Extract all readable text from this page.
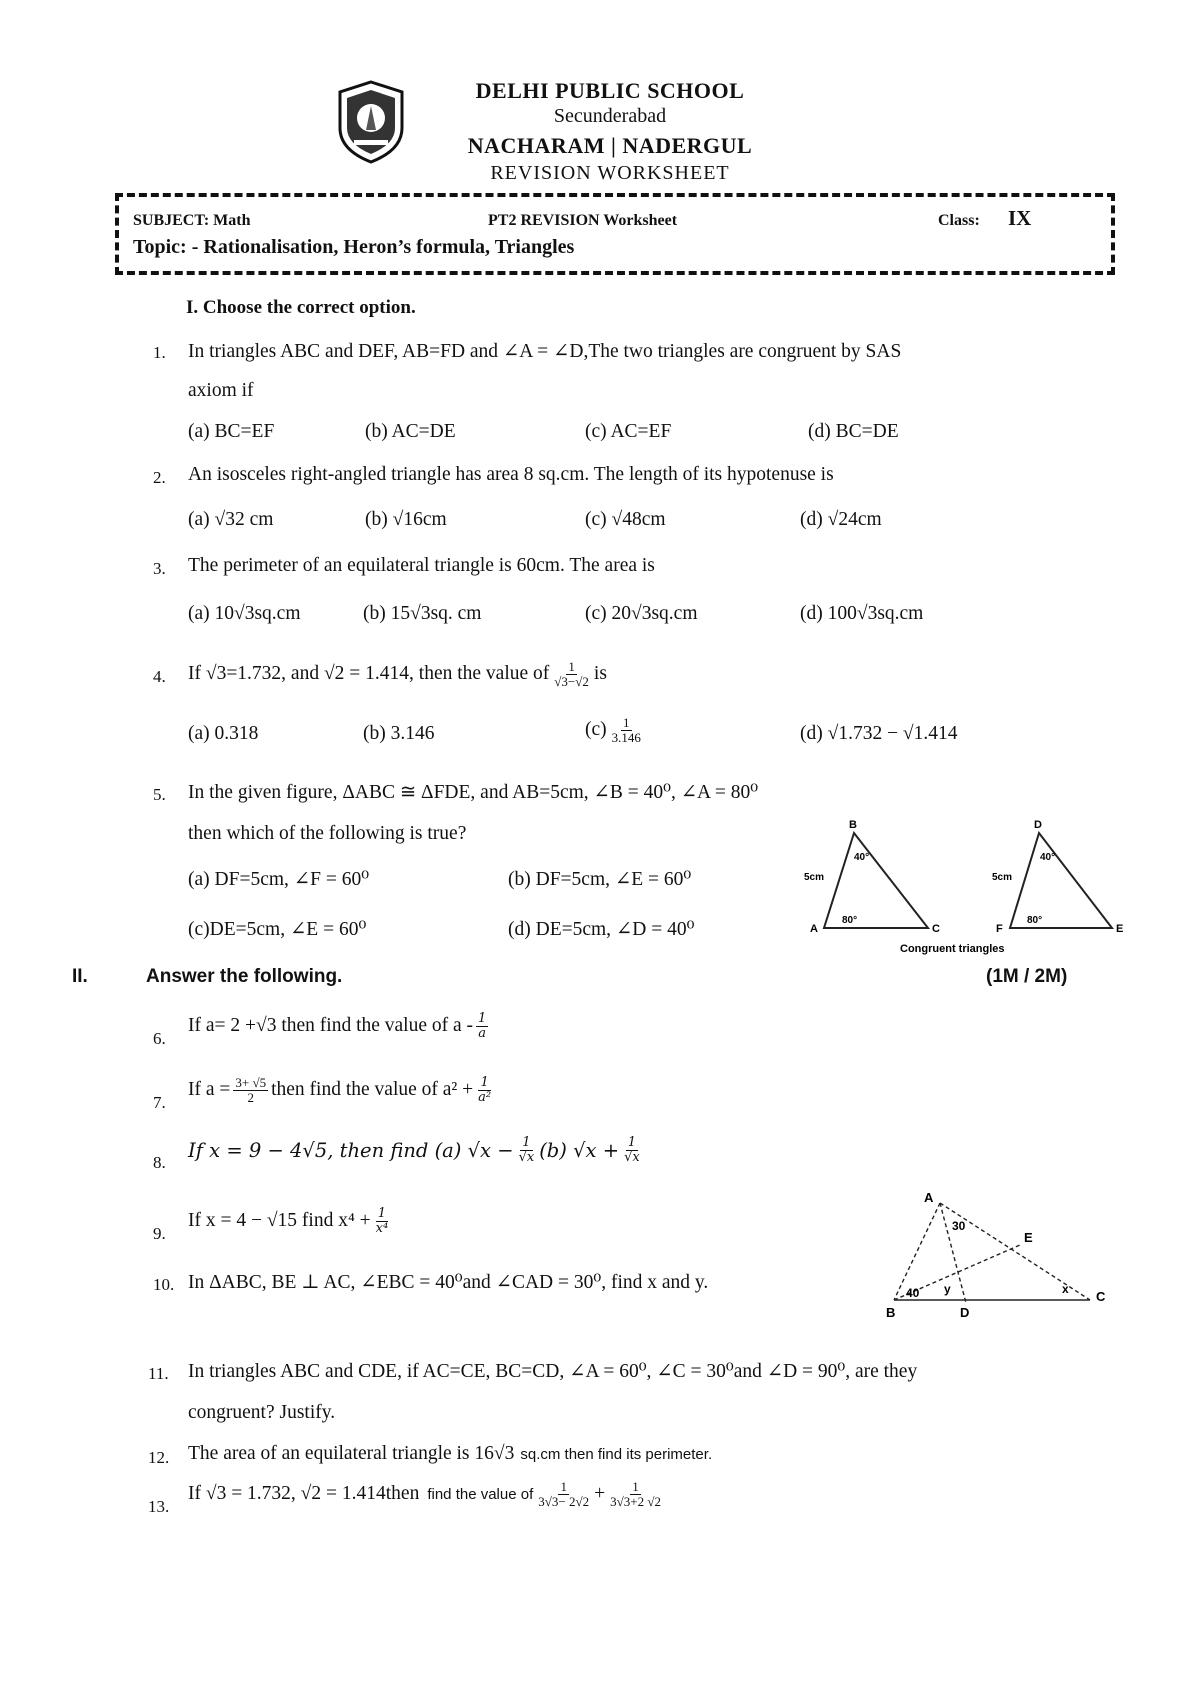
DELHI PUBLIC SCHOOL
Secunderabad
NACHARAM | NADERGUL
REVISION WORKSHEET
SUBJECT: Math	PT2 REVISION Worksheet	Class: IX
Topic: - Rationalisation, Heron’s formula, Triangles
I. Choose the correct option.
1. In triangles ABC and DEF, AB=FD and ∠A = ∠D,The two triangles are congruent by SAS
axiom if
(a) BC=EF	(b) AC=DE	(c) AC=EF	(d) BC=DE
2. An isosceles right-angled triangle has area 8 sq.cm. The length of its hypotenuse is
(a) √32 cm	(b) √16cm	(c) √48cm	(d) √24cm
3. The perimeter of an equilateral triangle is 60cm. The area is
(a) 10√3sq.cm	(b) 15√3sq. cm	(c) 20√3sq.cm	(d) 100√3sq.cm
4. If √3=1.732, and √2 = 1.414, then the value of $\frac{1}{√3-√2}$ is
(a) 0.318	(b) 3.146	$(c) \frac{1}{3.146}$	(d) √1.732 − √1.414
5. In the given figure, ΔABC ≅ ΔFDE, and AB=5cm, ∠B = 40⁰, ∠A = 80⁰
then which of the following is true?
(a) DF=5cm, ∠F = 60⁰	(b) DF=5cm, ∠E = 60⁰
(c)DE=5cm, ∠E = 60⁰	(d) DE=5cm, ∠D = 40⁰
B
A	C
5cm
40°
80°
D
F	E
5cm
40°
80°
Congruent triangles
II.	Answer the following.	(1M / 2M)
6.
If a= 2 +√3 then find the value of a - $\frac{1}{a}$
7.
If $a = \frac{3+ √5}{2}$ then find the value of $a^2 + \frac{1}{\text{a²}}$
8.
If x = 9 − 4√5, then find (a) $√x - \frac{1}{√x} (b) √x + \frac{1}{√x}$
9.
If x = 4 − √15 find $x^4 + \frac{1}{\text{x⁴}}$
10. In ΔABC, BE ⊥ AC, ∠EBC = 40⁰and ∠CAD = 30⁰, find x and y.
A
B
C
D
E
30
40	x
y
11. In triangles ABC and CDE, if AC=CE, BC=CD, ∠A = 60⁰, ∠C = 30⁰and ∠D = 90⁰, are they
congruent? Justify.
12. The area of an equilateral triangle is 16√3 sq.cm then find its perimeter.
13.
If √3 = 1.732, √2 = 1.414then find the value of $\frac{1}{3√3- 2√2} + \frac{1}{3√3+2 √2}$
